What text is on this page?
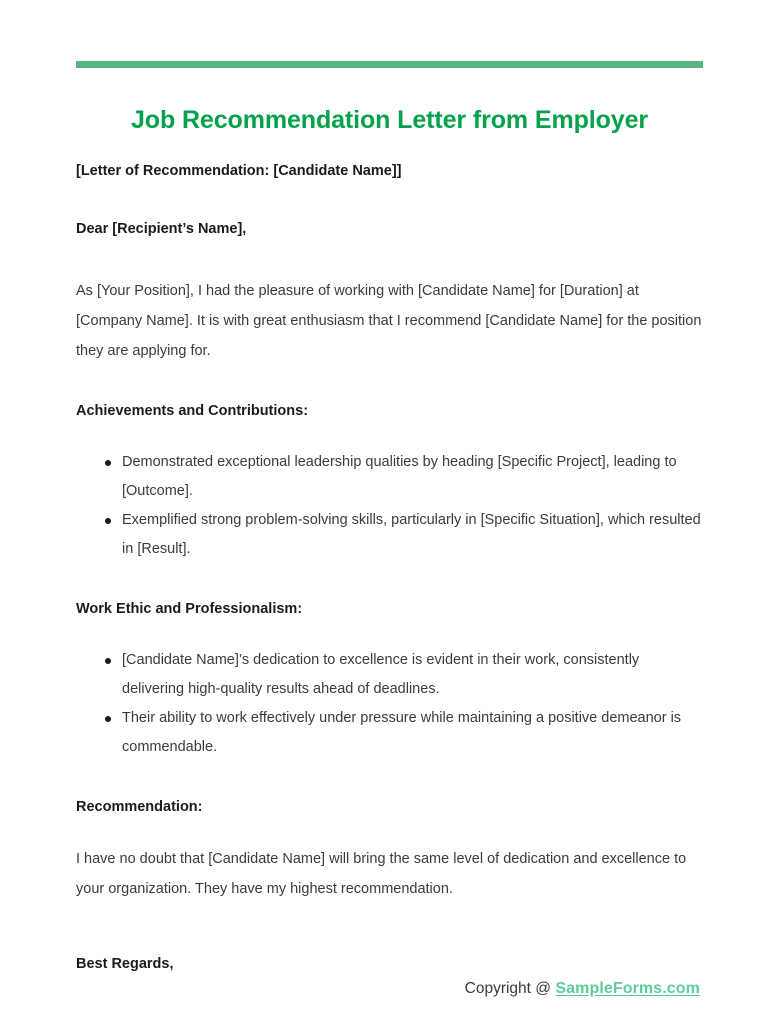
Job Recommendation Letter from Employer

[Letter of Recommendation: [Candidate Name]]

Dear [Recipient’s Name],

As [Your Position], I had the pleasure of working with [Candidate Name] for [Duration] at [Company Name]. It is with great enthusiasm that I recommend [Candidate Name] for the position they are applying for.

Achievements and Contributions:
Demonstrated exceptional leadership qualities by heading [Specific Project], leading to [Outcome].
Exemplified strong problem-solving skills, particularly in [Specific Situation], which resulted in [Result].
Work Ethic and Professionalism:
[Candidate Name]’s dedication to excellence is evident in their work, consistently delivering high-quality results ahead of deadlines.
Their ability to work effectively under pressure while maintaining a positive demeanor is commendable.
Recommendation:

I have no doubt that [Candidate Name] will bring the same level of dedication and excellence to your organization. They have my highest recommendation.

Best Regards,

Copyright @ SampleForms.com
